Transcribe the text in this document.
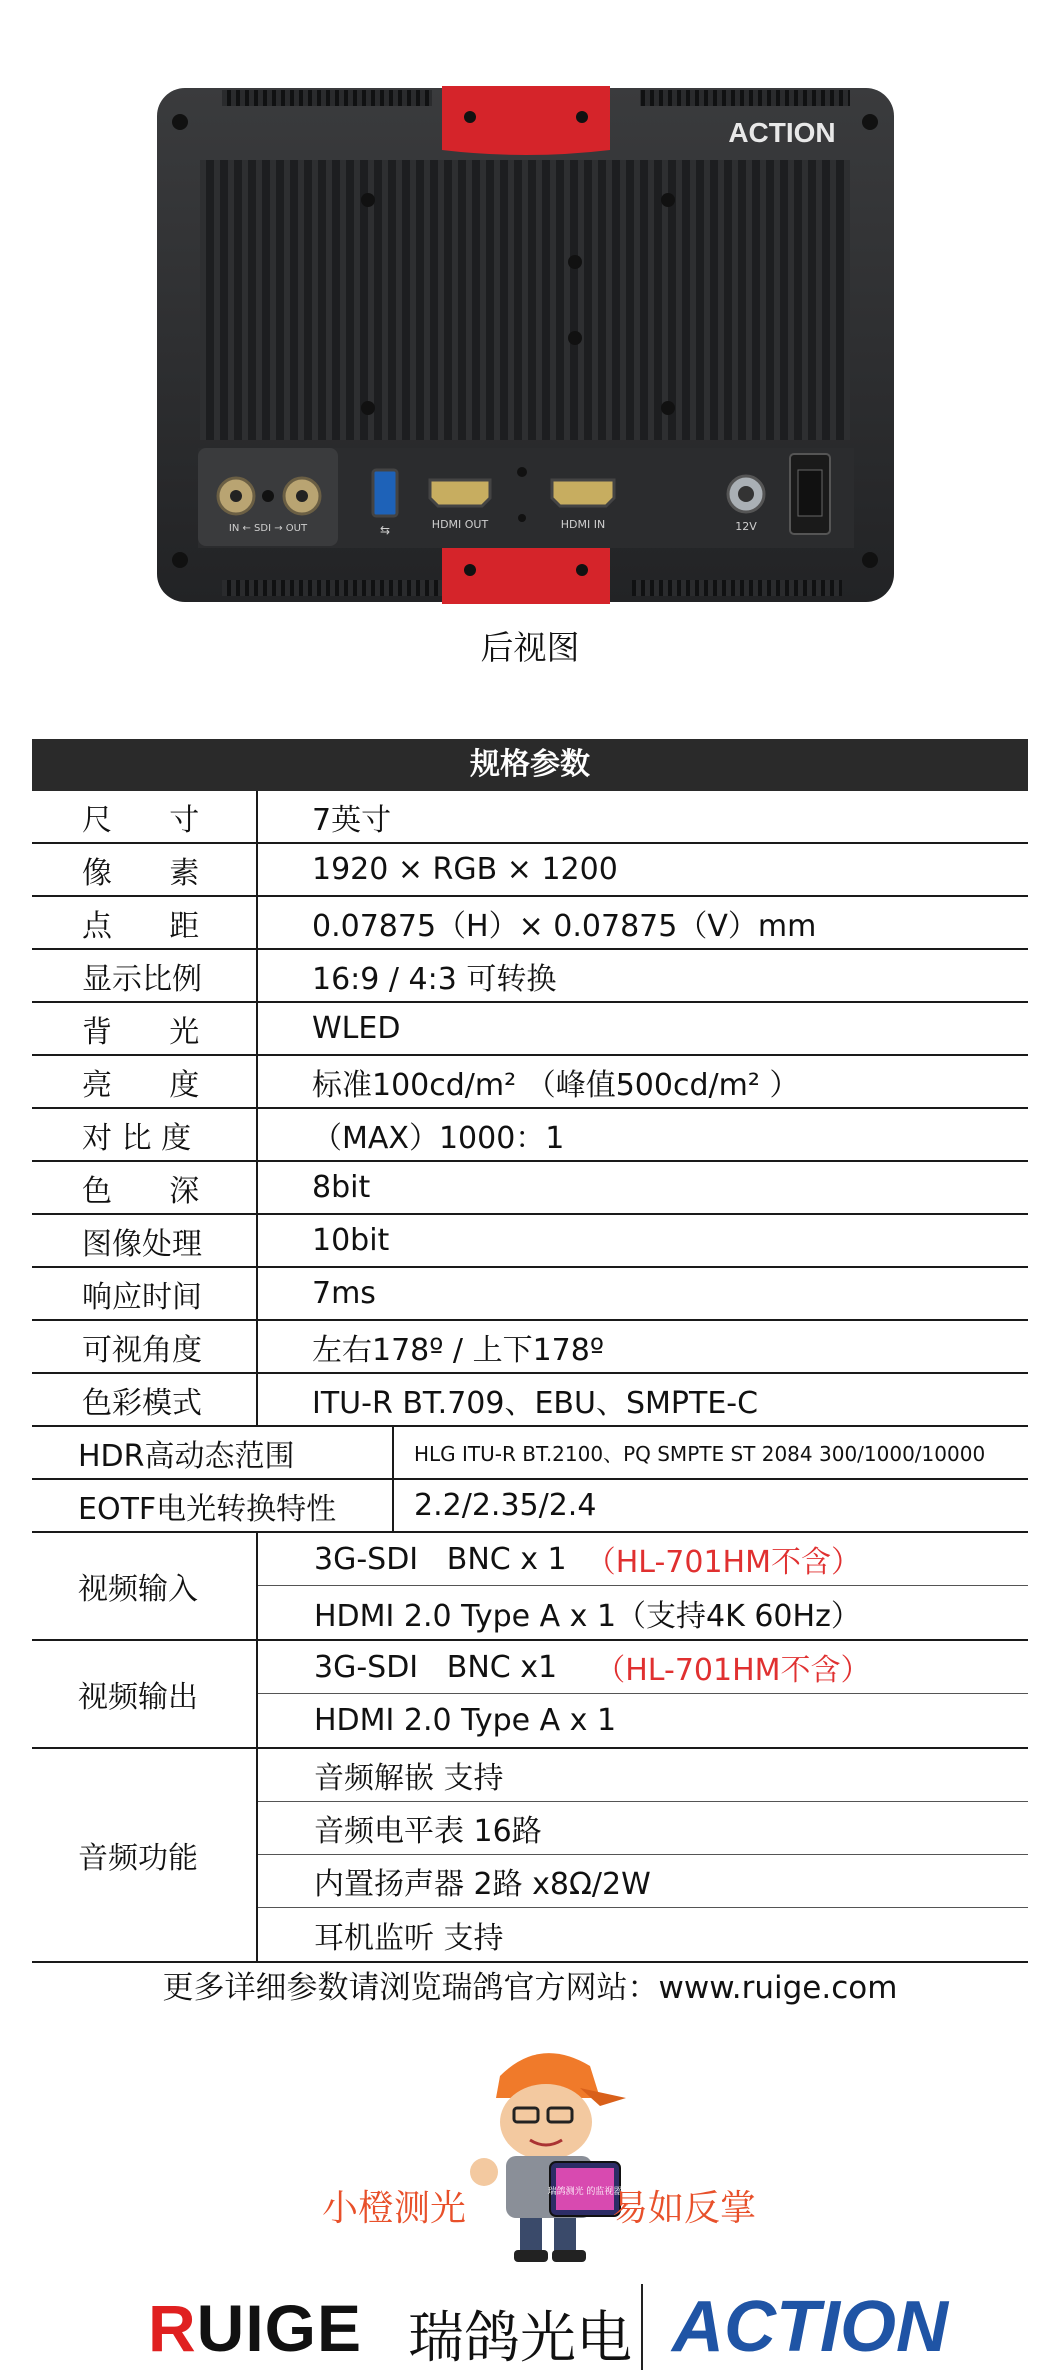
ACTION
IN ← SDI → OUT	HDMI OUT	HDMI IN	12V
⇆
后视图
规格参数
尺      寸	7英寸
像      素	1920 × RGB × 1200
点      距	0.07875（H）× 0.07875（V）mm
显示比例	16:9 / 4:3 可转换
背      光	WLED
亮      度	标准100cd/m² （峰值500cd/m² ）
对 比 度	（MAX）1000：1
色      深	8bit
图像处理	10bit
响应时间	7ms
可视角度	左右178º / 上下178º
色彩模式	ITU-R BT.709、EBU、SMPTE-C
HDR高动态范围	HLG ITU-R BT.2100、PQ SMPTE ST 2084 300/1000/10000
EOTF电光转换特性	2.2/2.35/2.4
视频输入
3G-SDI   BNC x 1 （HL-701HM不含）
HDMI 2.0 Type A x 1（支持4K 60Hz）
视频输出
3G-SDI   BNC x1 （HL-701HM不含）
HDMI 2.0 Type A x 1
音频功能
音频解嵌 支持
音频电平表 16路
内置扬声器 2路 x8Ω/2W
耳机监听 支持
更多详细参数请浏览瑞鸽官方网站：www.ruige.com
瑞鸽测光 的监视器
小橙测光	易如反掌
RUIGE 瑞鸽光电 ACTION
